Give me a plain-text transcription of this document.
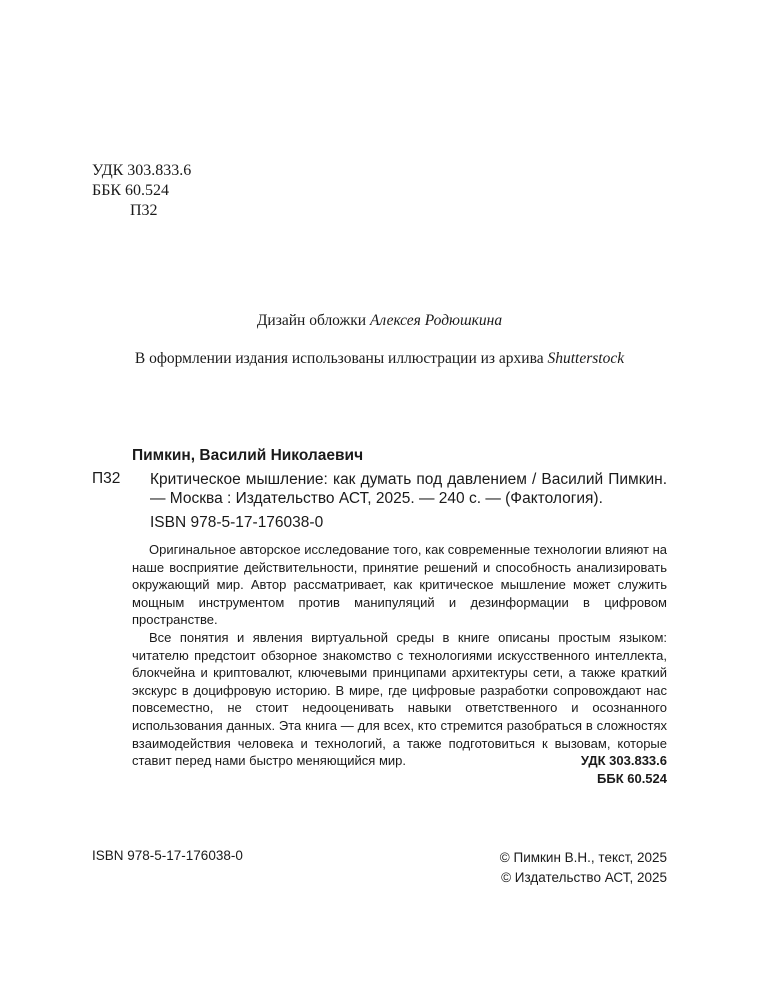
УДК 303.833.6
ББК 60.524
П32
Дизайн обложки Алексея Родюшкина
В оформлении издания использованы иллюстрации из архива Shutterstock
Пимкин, Василий Николаевич
П32 Критическое мышление: как думать под давлением / Василий Пимкин. — Москва : Издательство АСТ, 2025. — 240 с. — (Фактология).
ISBN 978-5-17-176038-0

Оригинальное авторское исследование того, как современные технологии влияют на наше восприятие действительности, принятие решений и способность анализировать окружающий мир. Автор рассматривает, как критическое мышление может служить мощным инструментом против манипуляций и дезинформации в цифровом пространстве.

Все понятия и явления виртуальной среды в книге описаны простым языком: читателю предстоит обзорное знакомство с технологиями искусственного интеллекта, блокчейна и криптовалют, ключевыми принципами архитектуры сети, а также краткий экскурс в доцифровую историю. В мире, где цифровые разработки сопровождают нас повсеместно, не стоит недооценивать навыки ответственного и осознанного использования данных. Эта книга — для всех, кто стремится разобраться в сложностях взаимодействия человека и технологий, а также подготовиться к вызовам, которые ставит перед нами быстро меняющийся мир.	УДК 303.833.6
ББК 60.524
ISBN 978-5-17-176038-0	© Пимкин В.Н., текст, 2025
© Издательство АСТ, 2025
